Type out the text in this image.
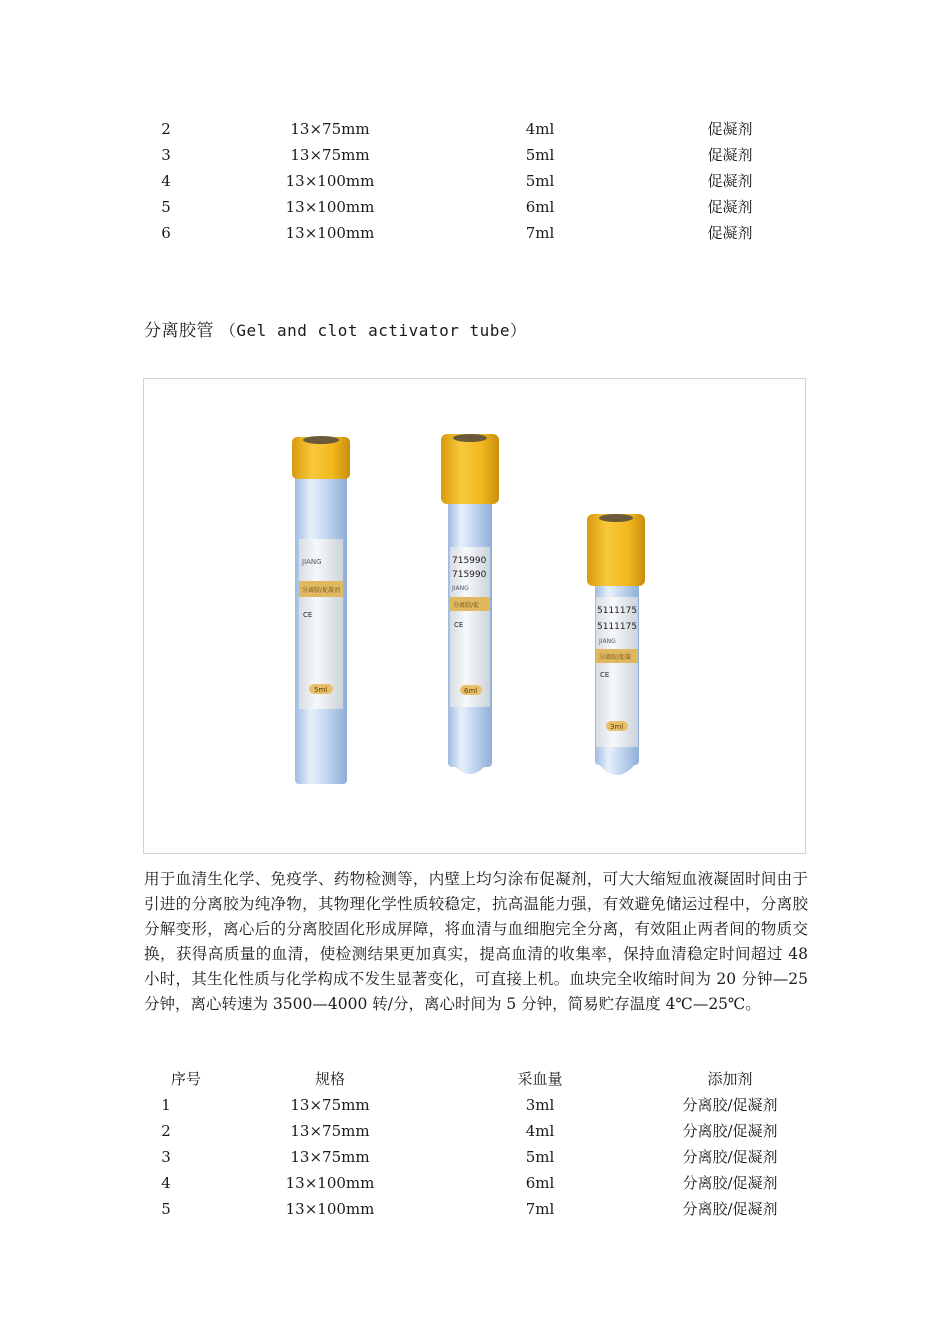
2	13×75mm	4ml	促凝剂
3	13×75mm	5ml	促凝剂
4	13×100mm	5ml	促凝剂
5	13×100mm	6ml	促凝剂
6	13×100mm	7ml	促凝剂
分离胶管 （Gel and clot activator tube）
JIANG
分离胶/促凝剂
CE
5ml
715990
715990
JIANG
分离胶/促
CE
6ml
5111175
5111175
JIANG
分离胶/促凝
CE
3ml
用于血清生化学、免疫学、药物检测等，内壁上均匀涂布促凝剂，可大大缩短血液凝固时间由于引进的分离胶为纯净物，其物理化学性质较稳定，抗高温能力强，有效避免储运过程中，分离胶分解变形，离心后的分离胶固化形成屏障，将血清与血细胞完全分离，有效阻止两者间的物质交换，获得高质量的血清，使检测结果更加真实，提高血清的收集率，保持血清稳定时间超过 48 小时，其生化性质与化学构成不发生显著变化，可直接上机。血块完全收缩时间为 20 分钟—25 分钟，离心转速为 3500—4000 转/分，离心时间为 5 分钟，简易贮存温度 4℃—25℃。
序号	规格	采血量	添加剂
1	13×75mm	3ml	分离胶/促凝剂
2	13×75mm	4ml	分离胶/促凝剂
3	13×75mm	5ml	分离胶/促凝剂
4	13×100mm	6ml	分离胶/促凝剂
5	13×100mm	7ml	分离胶/促凝剂
